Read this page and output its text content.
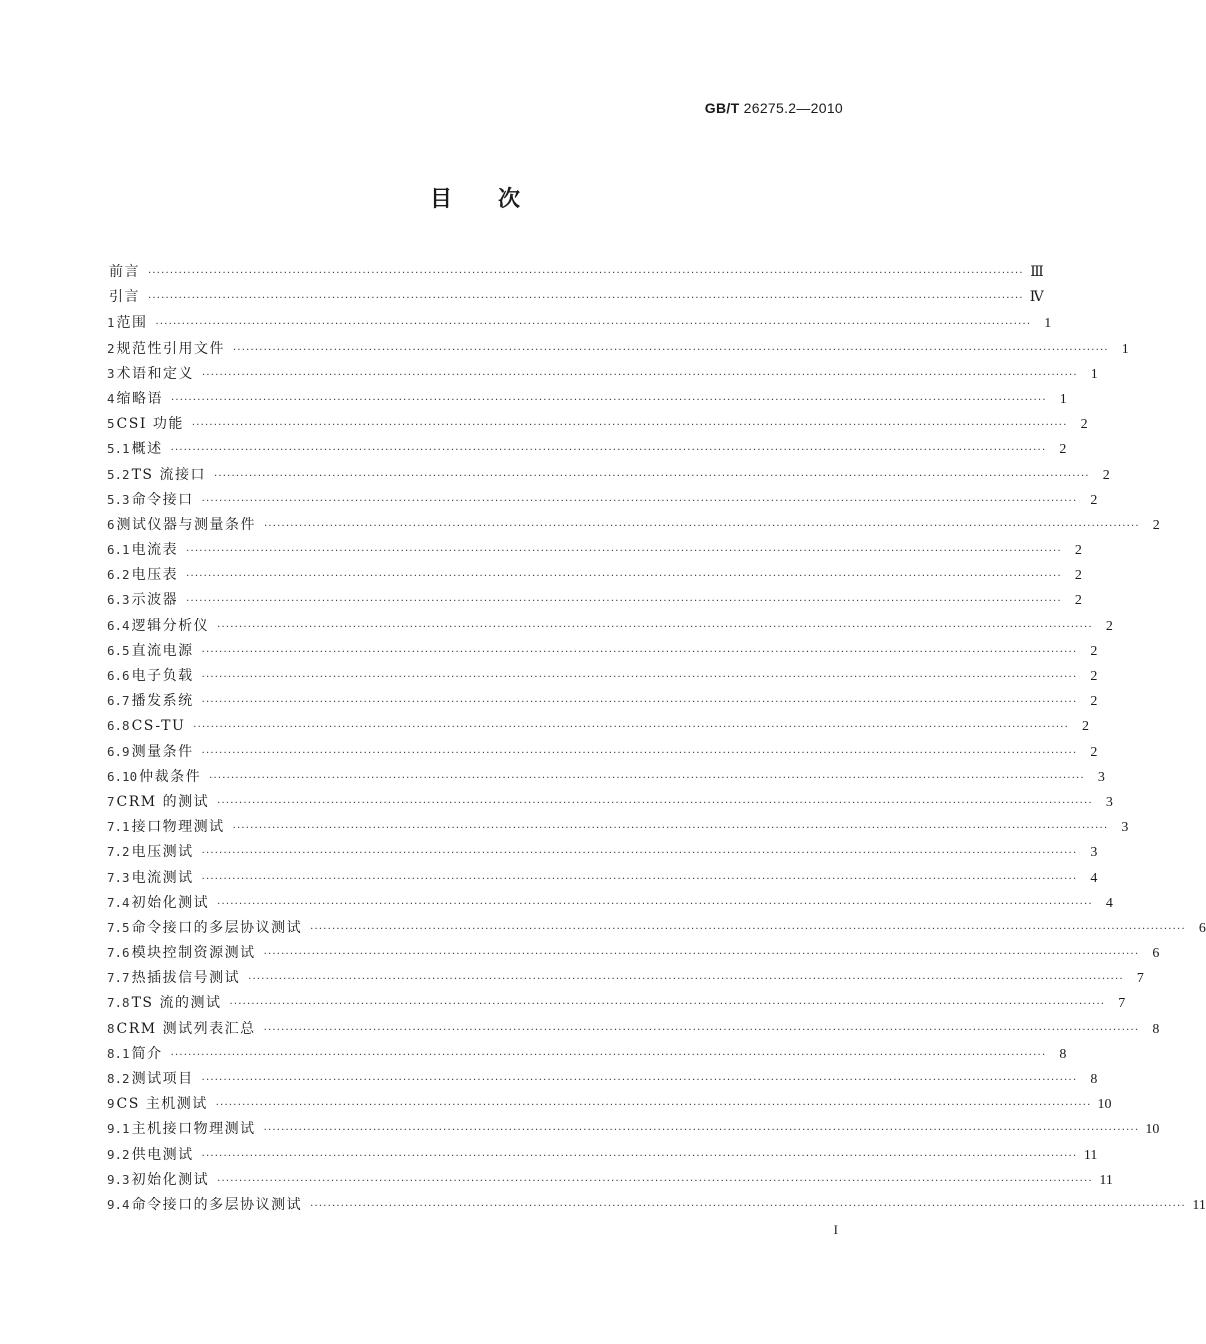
GB/T 26275.2—2010
目 次
前言 ········································································································································································································ Ⅲ
引言 ········································································································································································································ Ⅳ
1 范围 ········································································································································································································ 1
2 规范性引用文件 ········································································································································································································ 1
3 术语和定义 ········································································································································································································ 1
4 缩略语 ········································································································································································································ 1
5 CSI 功能 ········································································································································································································ 2
5.1 概述 ········································································································································································································ 2
5.2 TS 流接口 ········································································································································································································ 2
5.3 命令接口 ········································································································································································································ 2
6 测试仪器与测量条件 ········································································································································································································ 2
6.1 电流表 ········································································································································································································ 2
6.2 电压表 ········································································································································································································ 2
6.3 示波器 ········································································································································································································ 2
6.4 逻辑分析仪 ········································································································································································································ 2
6.5 直流电源 ········································································································································································································ 2
6.6 电子负载 ········································································································································································································ 2
6.7 播发系统 ········································································································································································································ 2
6.8 CS-TU ········································································································································································································ 2
6.9 测量条件 ········································································································································································································ 2
6.10 仲裁条件 ········································································································································································································ 3
7 CRM 的测试 ········································································································································································································ 3
7.1 接口物理测试 ········································································································································································································ 3
7.2 电压测试 ········································································································································································································ 3
7.3 电流测试 ········································································································································································································ 4
7.4 初始化测试 ········································································································································································································ 4
7.5 命令接口的多层协议测试 ········································································································································································································ 6
7.6 模块控制资源测试 ········································································································································································································ 6
7.7 热插拔信号测试 ········································································································································································································ 7
7.8 TS 流的测试 ········································································································································································································ 7
8 CRM 测试列表汇总 ········································································································································································································ 8
8.1 简介 ········································································································································································································ 8
8.2 测试项目 ········································································································································································································ 8
9 CS 主机测试 ········································································································································································································ 10
9.1 主机接口物理测试 ········································································································································································································ 10
9.2 供电测试 ········································································································································································································ 11
9.3 初始化测试 ········································································································································································································ 11
9.4 命令接口的多层协议测试 ········································································································································································································ 11
I
